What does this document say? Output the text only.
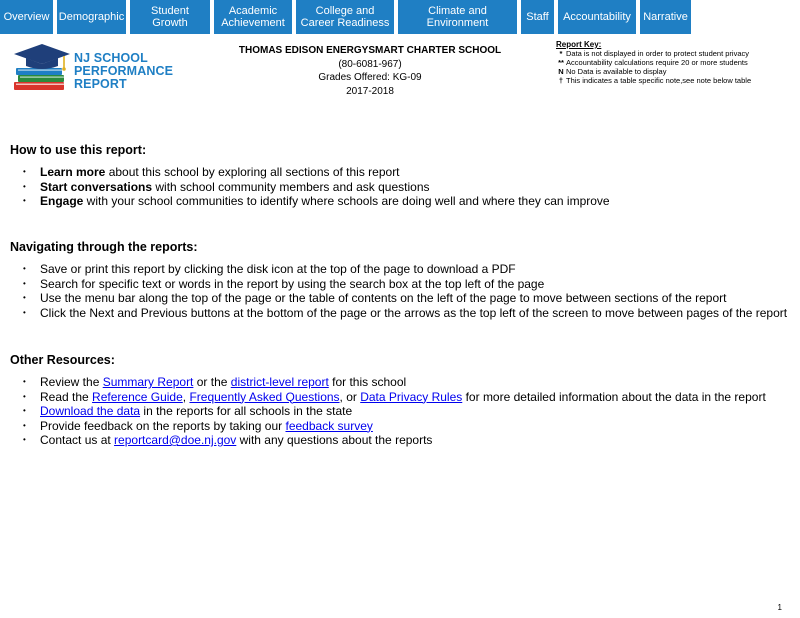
Overview Demographic	Student
Growth
Academic
Achievement
College and
Career Readiness
Climate and
Environment	Staff	Accountability	Narrative
NJ SCHOOL
PERFORMANCE
REPORT
THOMAS EDISON ENERGYSMART CHARTER SCHOOL
(80-6081-967)
Grades Offered: KG-09
2017-2018
Report Key:
* Data is not displayed in order to protect student privacy
** Accountability calculations require 20 or more students
N No Data is available to display
† This indicates a table specific note,see note below table
How to use this report:
• Learn more about this school by exploring all sections of this report
• Start conversations with school community members and ask questions
• Engage with your school communities to identify where schools are doing well and where they can improve
Navigating through the reports:
• Save or print this report by clicking the disk icon at the top of the page to download a PDF
• Search for specific text or words in the report by using the search box at the top left of the page
• Use the menu bar along the top of the page or the table of contents on the left of the page to move between sections of the report
• Click the Next and Previous buttons at the bottom of the page or the arrows as the top left of the screen to move between pages of the report
Other Resources:
• Review the Summary Report or the district-level report for this school
• Read the Reference Guide, Frequently Asked Questions, or Data Privacy Rules for more detailed information about the data in the report
• Download the data in the reports for all schools in the state
• Provide feedback on the reports by taking our feedback survey
• Contact us at reportcard@doe.nj.gov with any questions about the reports
1
